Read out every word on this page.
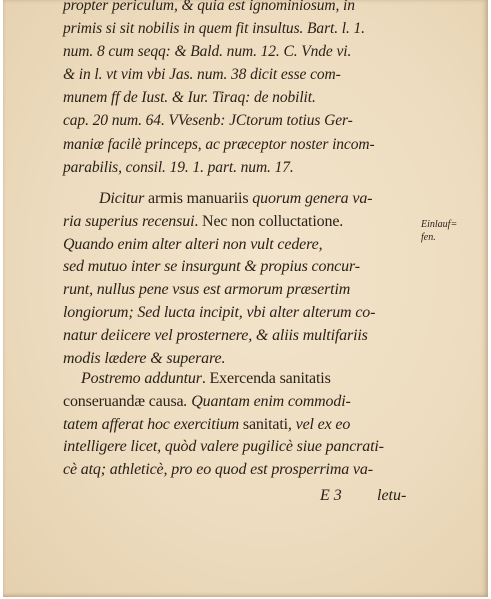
propter periculum, & quia est ignominiosum, in
primis si sit nobilis in quem fit insultus. Bart. l. 1.
num. 8 cum seqq: & Bald. num. 12. C. Vnde vi.
& in l. vt vim vbi Jas. num. 38 dicit esse com-
munem ff de Iust. & Iur. Tiraq: de nobilit.
cap. 20 num. 64. VVesenb: JCtorum totius Ger-
maniæ facilè princeps, ac præceptor noster incom-
parabilis, consil. 19. 1. part. num. 17.
Dicitur armis manuariis quorum genera va-
ria superius recensui. Nec non colluctatione.
Quando enim alter alteri non vult cedere,
sed mutuo inter se insurgunt & propius concur-
runt, nullus pene vsus est armorum præsertim
longiorum; Sed lucta incipit, vbi alter alterum co-
natur deiicere vel prosternere, & aliis multifariis
modis lædere & superare.
Einlauf=
fen.
Postremo adduntur. Exercenda sanitatis
conseruandæ causa. Quantam enim commodi-
tatem afferat hoc exercitium sanitati, vel ex eo
intelligere licet, quòd valere pugilicè siue pancrati-
cè atq; athleticè, pro eo quod est prosperrima va-
E 3 letu-
